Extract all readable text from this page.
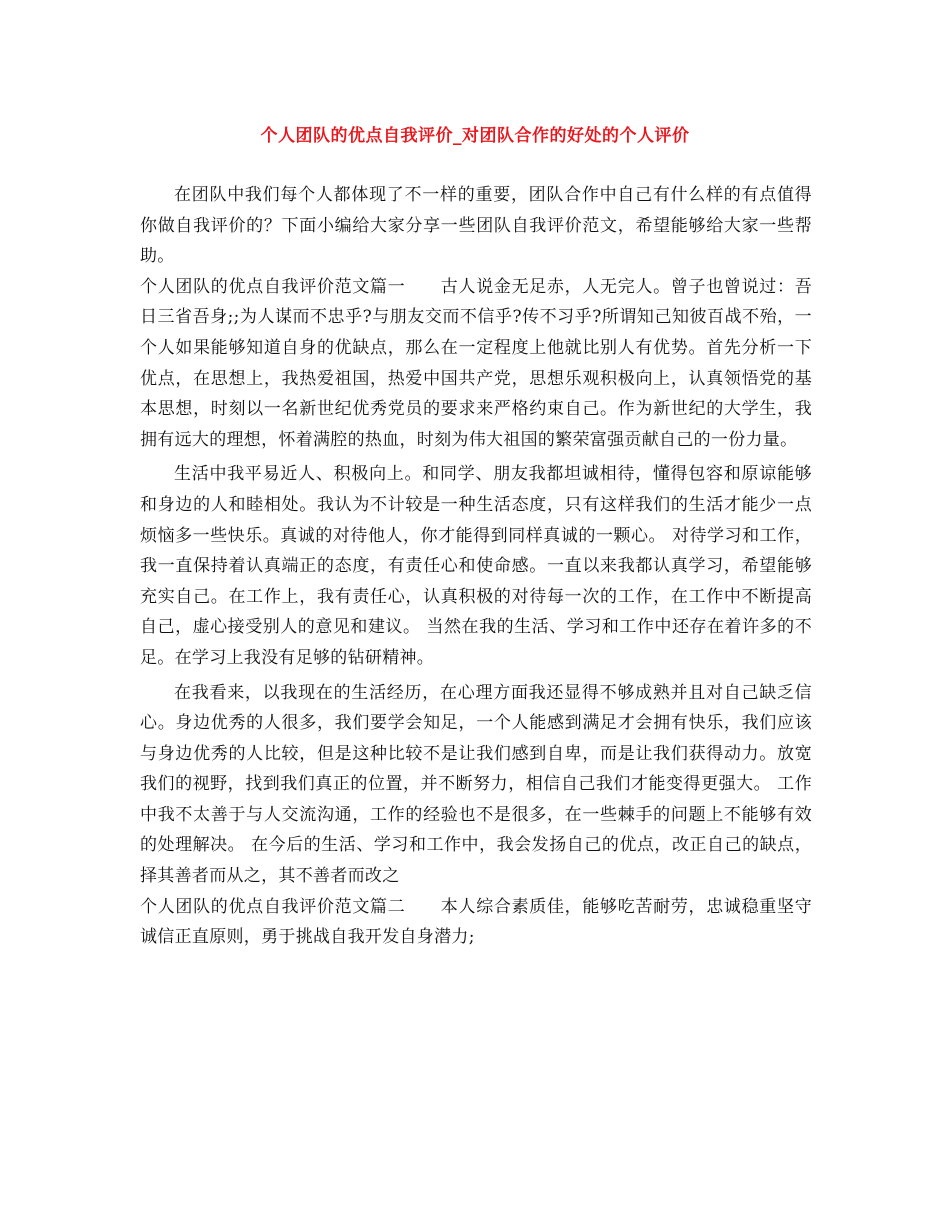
个人团队的优点自我评价_对团队合作的好处的个人评价

在团队中我们每个人都体现了不一样的重要，团队合作中自己有什么样的有点值得你做自我评价的？下面小编给大家分享一些团队自我评价范文，希望能够给大家一些帮助。

个人团队的优点自我评价范文篇一　　古人说金无足赤，人无完人。曾子也曾说过：吾日三省吾身;;为人谋而不忠乎?与朋友交而不信乎?传不习乎?所谓知己知彼百战不殆，一个人如果能够知道自身的优缺点，那么在一定程度上他就比别人有优势。首先分析一下优点，在思想上，我热爱祖国，热爱中国共产党，思想乐观积极向上，认真领悟党的基本思想，时刻以一名新世纪优秀党员的要求来严格约束自己。作为新世纪的大学生，我拥有远大的理想，怀着满腔的热血，时刻为伟大祖国的繁荣富强贡献自己的一份力量。

生活中我平易近人、积极向上。和同学、朋友我都坦诚相待，懂得包容和原谅能够和身边的人和睦相处。我认为不计较是一种生活态度，只有这样我们的生活才能少一点烦恼多一些快乐。真诚的对待他人，你才能得到同样真诚的一颗心。 对待学习和工作，我一直保持着认真端正的态度，有责任心和使命感。一直以来我都认真学习，希望能够充实自己。在工作上，我有责任心，认真积极的对待每一次的工作，在工作中不断提高自己，虚心接受别人的意见和建议。 当然在我的生活、学习和工作中还存在着许多的不足。在学习上我没有足够的钻研精神。

在我看来，以我现在的生活经历，在心理方面我还显得不够成熟并且对自己缺乏信心。身边优秀的人很多，我们要学会知足，一个人能感到满足才会拥有快乐，我们应该与身边优秀的人比较，但是这种比较不是让我们感到自卑，而是让我们获得动力。放宽我们的视野，找到我们真正的位置，并不断努力，相信自己我们才能变得更强大。 工作中我不太善于与人交流沟通，工作的经验也不是很多，在一些棘手的问题上不能够有效的处理解决。 在今后的生活、学习和工作中，我会发扬自己的优点，改正自己的缺点，择其善者而从之，其不善者而改之

个人团队的优点自我评价范文篇二　　本人综合素质佳，能够吃苦耐劳，忠诚稳重坚守诚信正直原则，勇于挑战自我开发自身潜力;
